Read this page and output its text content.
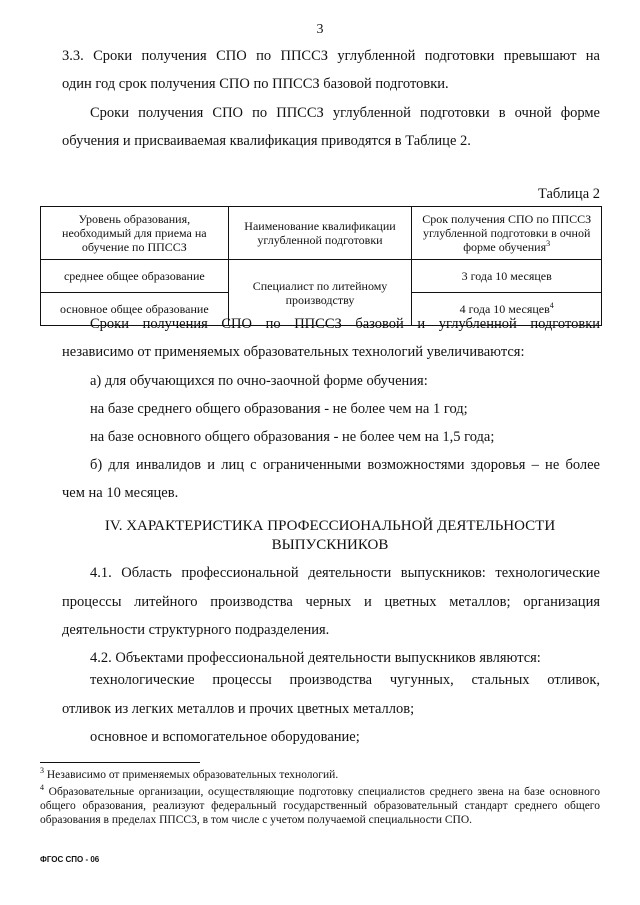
3
3.3. Сроки получения СПО по ППССЗ углубленной подготовки превышают на
один год срок получения СПО по ППССЗ базовой подготовки.
Сроки получения СПО по ППССЗ углубленной подготовки в очной форме
обучения и присваиваемая квалификация приводятся в Таблице 2.
Таблица 2
Уровень образования, необходимый для приема на обучение по ППССЗ	Наименование квалификации углубленной подготовки	Срок получения СПО по ППССЗ углубленной подготовки в очной форме обучения$^3$
среднее общее образование	Специалист по литейному производству	3 года 10 месяцев
основное общее образование		4 года 10 месяцев$^4$
Сроки получения СПО по ППССЗ базовой и углубленной подготовки
независимо от применяемых образовательных технологий увеличиваются:
а) для обучающихся по очно-заочной форме обучения:
на базе среднего общего образования - не более чем на 1 год;
на базе основного общего образования - не более чем на 1,5 года;
б) для инвалидов и лиц с ограниченными возможностями здоровья – не более
чем на 10 месяцев.
IV. ХАРАКТЕРИСТИКА ПРОФЕССИОНАЛЬНОЙ ДЕЯТЕЛЬНОСТИ
ВЫПУСКНИКОВ
4.1. Область профессиональной деятельности выпускников: технологические
процессы литейного производства черных и цветных металлов; организация
деятельности структурного подразделения.
4.2. Объектами профессиональной деятельности выпускников являются:
технологические процессы производства чугунных, стальных отливок,
отливок из легких металлов и прочих цветных металлов;
основное и вспомогательное оборудование;
$^3$ Независимо от применяемых образовательных технологий.
$^4$ Образовательные организации, осуществляющие подготовку специалистов среднего звена на базе основного общего образования, реализуют федеральный государственный образовательный стандарт среднего общего образования в пределах ППССЗ, в том числе с учетом получаемой специальности СПО.
ФГОС СПО - 06
